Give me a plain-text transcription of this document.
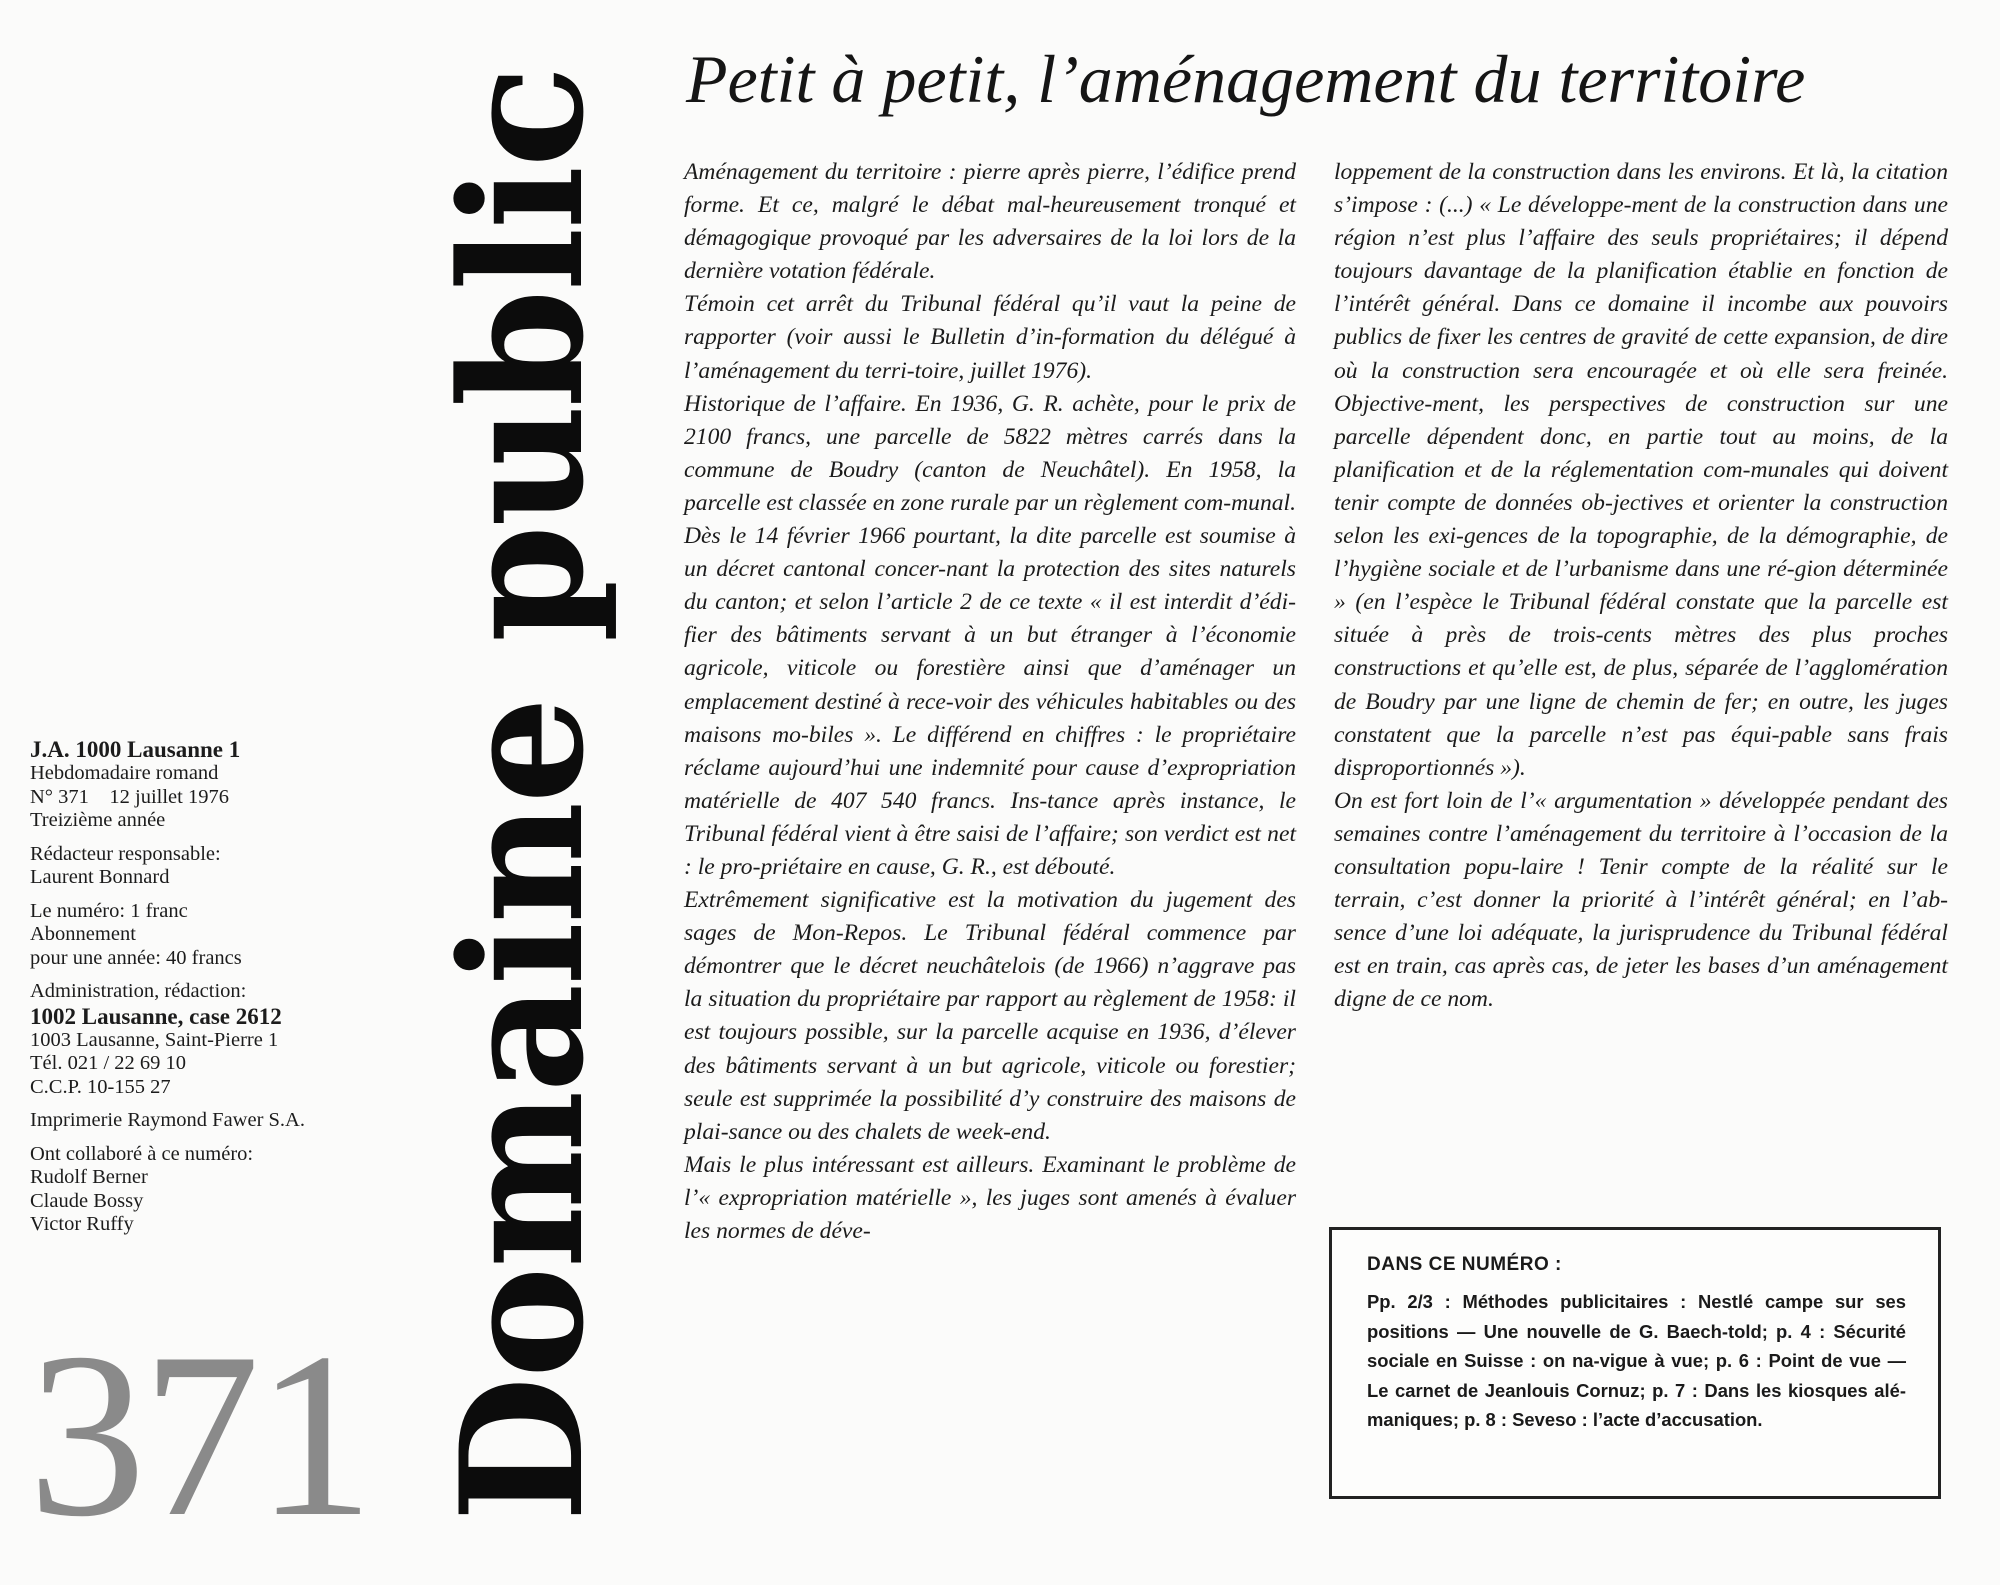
Petit à petit, l’aménagement du territoire
Domaine public
J.A. 1000 Lausanne 1
Hebdomadaire romand
N° 371    12 juillet 1976
Treizième année
Rédacteur responsable:
Laurent Bonnard
Le numéro: 1 franc
Abonnement
pour une année: 40 francs
Administration, rédaction:
1002 Lausanne, case 2612
1003 Lausanne, Saint-Pierre 1
Tél. 021 / 22 69 10
C.C.P. 10-155 27
Imprimerie Raymond Fawer S.A.
Ont collaboré à ce numéro:
Rudolf Berner
Claude Bossy
Victor Ruffy
371

Aménagement du territoire : pierre après pierre, l’édifice prend forme. Et ce, malgré le débat mal-heureusement tronqué et démagogique provoqué par les adversaires de la loi lors de la dernière votation fédérale.

Témoin cet arrêt du Tribunal fédéral qu’il vaut la peine de rapporter (voir aussi le Bulletin d’in-formation du délégué à l’aménagement du terri-toire, juillet 1976).

Historique de l’affaire. En 1936, G. R. achète, pour le prix de 2100 francs, une parcelle de 5822 mètres carrés dans la commune de Boudry (canton de Neuchâtel). En 1958, la parcelle est classée en zone rurale par un règlement com-munal. Dès le 14 février 1966 pourtant, la dite parcelle est soumise à un décret cantonal concer-nant la protection des sites naturels du canton; et selon l’article 2 de ce texte « il est interdit d’édi-fier des bâtiments servant à un but étranger à l’économie agricole, viticole ou forestière ainsi que d’aménager un emplacement destiné à rece-voir des véhicules habitables ou des maisons mo-biles ». Le différend en chiffres : le propriétaire réclame aujourd’hui une indemnité pour cause d’expropriation matérielle de 407 540 francs. Ins-tance après instance, le Tribunal fédéral vient à être saisi de l’affaire; son verdict est net : le pro-priétaire en cause, G. R., est débouté.

Extrêmement significative est la motivation du jugement des sages de Mon-Repos. Le Tribunal fédéral commence par démontrer que le décret neuchâtelois (de 1966) n’aggrave pas la situation du propriétaire par rapport au règlement de 1958: il est toujours possible, sur la parcelle acquise en 1936, d’élever des bâtiments servant à un but agricole, viticole ou forestier; seule est supprimée la possibilité d’y construire des maisons de plai-sance ou des chalets de week-end.

Mais le plus intéressant est ailleurs. Examinant le problème de l’« expropriation matérielle », les juges sont amenés à évaluer les normes de déve-

loppement de la construction dans les environs. Et là, la citation s’impose : (...) « Le développe-ment de la construction dans une région n’est plus l’affaire des seuls propriétaires; il dépend toujours davantage de la planification établie en fonction de l’intérêt général. Dans ce domaine il incombe aux pouvoirs publics de fixer les centres de gravité de cette expansion, de dire où la construction sera encouragée et où elle sera freinée. Objective-ment, les perspectives de construction sur une parcelle dépendent donc, en partie tout au moins, de la planification et de la réglementation com-munales qui doivent tenir compte de données ob-jectives et orienter la construction selon les exi-gences de la topographie, de la démographie, de l’hygiène sociale et de l’urbanisme dans une ré-gion déterminée » (en l’espèce le Tribunal fédéral constate que la parcelle est située à près de trois-cents mètres des plus proches constructions et qu’elle est, de plus, séparée de l’agglomération de Boudry par une ligne de chemin de fer; en outre, les juges constatent que la parcelle n’est pas équi-pable sans frais disproportionnés »).

On est fort loin de l’« argumentation » développée pendant des semaines contre l’aménagement du territoire à l’occasion de la consultation popu-laire ! Tenir compte de la réalité sur le terrain, c’est donner la priorité à l’intérêt général; en l’ab-sence d’une loi adéquate, la jurisprudence du Tribunal fédéral est en train, cas après cas, de jeter les bases d’un aménagement digne de ce nom.

DANS CE NUMÉRO :
Pp. 2/3 : Méthodes publicitaires : Nestlé campe sur ses positions — Une nouvelle de G. Baech-told; p. 4 : Sécurité sociale en Suisse : on na-vigue à vue; p. 6 : Point de vue — Le carnet de Jeanlouis Cornuz; p. 7 : Dans les kiosques alé-maniques; p. 8 : Seveso : l’acte d’accusation.
